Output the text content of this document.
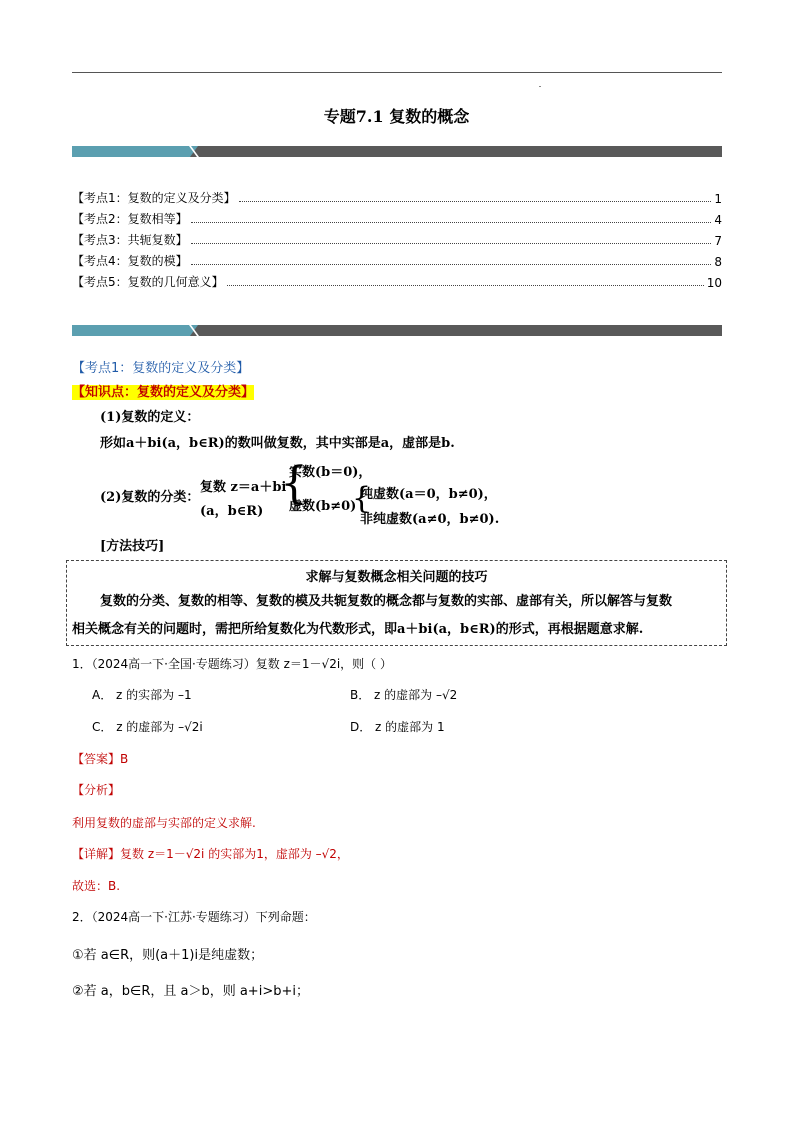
专题7.1 复数的概念
【考点1：复数的定义及分类】	1
【考点2：复数相等】	4
【考点3：共轭复数】	7
【考点4：复数的模】	8
【考点5：复数的几何意义】	10
【考点1：复数的定义及分类】
【知识点：复数的定义及分类】
(1)复数的定义：
形如a＋bi(a，b∈R)的数叫做复数，其中实部是a，虚部是b.
(2)复数的分类：
复数 z＝a＋bi
(a，b∈R)
{
实数(b＝0)，
虚数(b≠0)
{
纯虚数(a＝0，b≠0)，
非纯虚数(a≠0，b≠0).
[方法技巧]
求解与复数概念相关问题的技巧
复数的分类、复数的相等、复数的模及共轭复数的概念都与复数的实部、虚部有关，所以解答与复数
相关概念有关的问题时，需把所给复数化为代数形式，即a＋bi(a，b∈R)的形式，再根据题意求解.
1．（2024高一下·全国·专题练习）复数 z＝1－√2i，则（ ）
A． z 的实部为 –1	B． z 的虚部为 –√2
C． z 的虚部为 –√2i	D． z 的虚部为 1
【答案】B
【分析】
利用复数的虚部与实部的定义求解.
【详解】复数 z＝1－√2i 的实部为1，虚部为 –√2，
故选：B.
2．（2024高一下·江苏·专题练习）下列命题：
①若 a∈R，则(a＋1)i是纯虚数；
②若 a，b∈R，且 a＞b，则 a+i>b+i；
